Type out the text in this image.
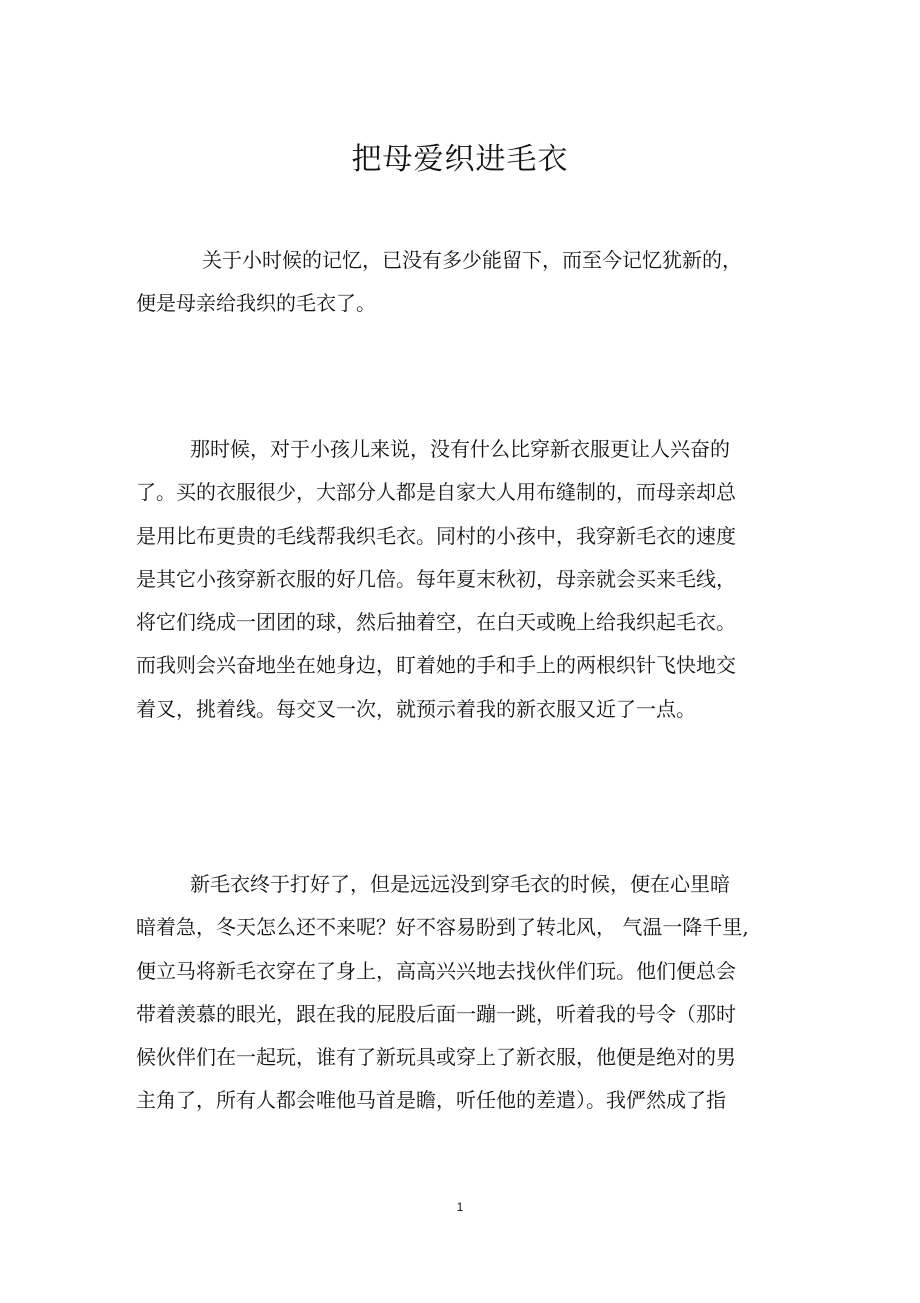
把母爱织进毛衣

关于小时候的记忆，已没有多少能留下，而至今记忆犹新的，
便是母亲给我织的毛衣了。

那时候，对于小孩儿来说，没有什么比穿新衣服更让人兴奋的
了。买的衣服很少，大部分人都是自家大人用布缝制的，而母亲却总
是用比布更贵的毛线帮我织毛衣。同村的小孩中，我穿新毛衣的速度
是其它小孩穿新衣服的好几倍。每年夏末秋初，母亲就会买来毛线，
将它们绕成一团团的球，然后抽着空，在白天或晚上给我织起毛衣。
而我则会兴奋地坐在她身边，盯着她的手和手上的两根织针飞快地交
着叉，挑着线。每交叉一次，就预示着我的新衣服又近了一点。

新毛衣终于打好了，但是远远没到穿毛衣的时候，便在心里暗
暗着急，冬天怎么还不来呢？好不容易盼到了转北风， 气温一降千里,
便立马将新毛衣穿在了身上，高高兴兴地去找伙伴们玩。他们便总会
带着羡慕的眼光，跟在我的屁股后面一蹦一跳，听着我的号令（那时
候伙伴们在一起玩，谁有了新玩具或穿上了新衣服，他便是绝对的男
主角了，所有人都会唯他马首是瞻，听任他的差遣）。我俨然成了指

1
